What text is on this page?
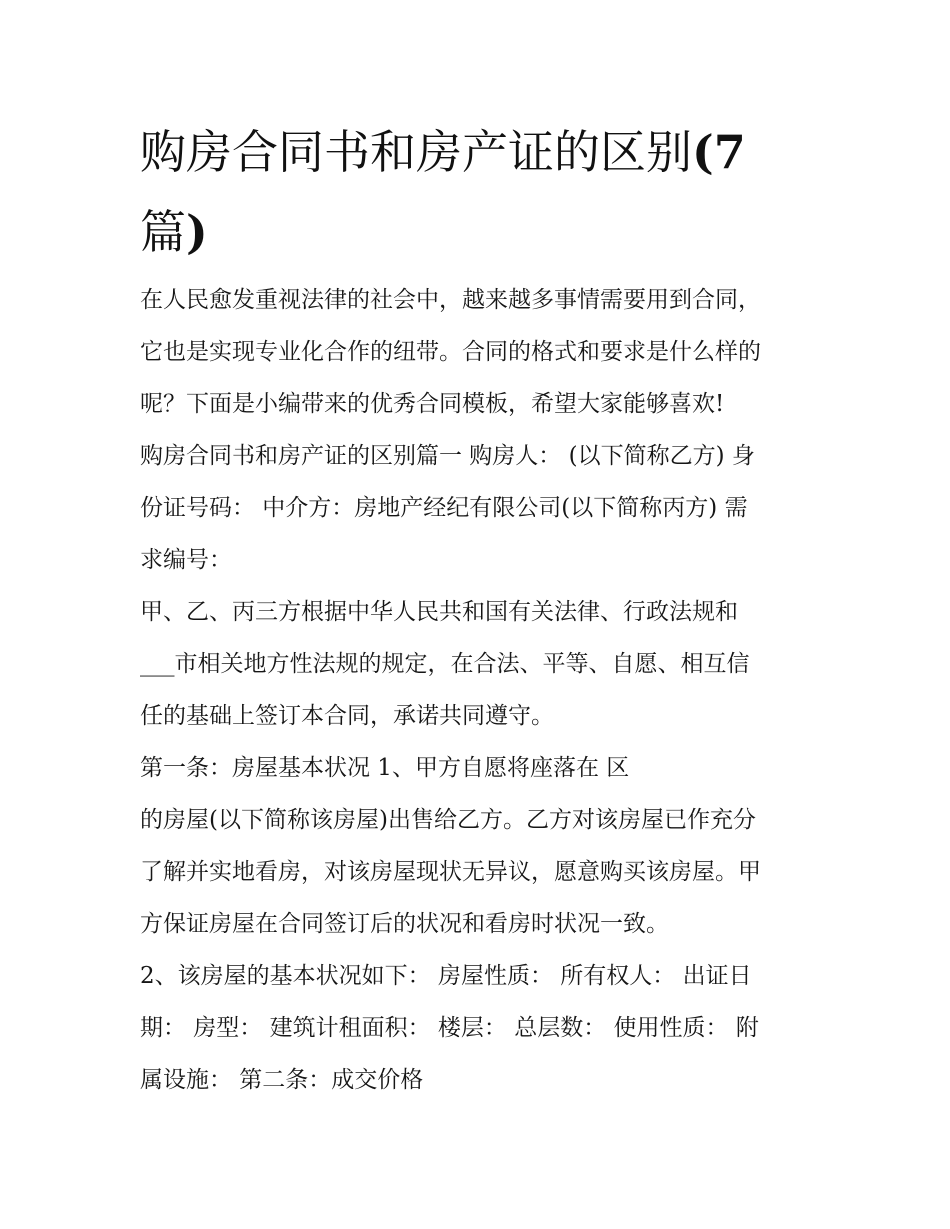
购房合同书和房产证的区别(7
篇)
在人民愈发重视法律的社会中，越来越多事情需要用到合同，
它也是实现专业化合作的纽带。合同的格式和要求是什么样的
呢？下面是小编带来的优秀合同模板，希望大家能够喜欢!
购房合同书和房产证的区别篇一 购房人： (以下简称乙方) 身
份证号码： 中介方：房地产经纪有限公司(以下简称丙方) 需
求编号：
甲、乙、丙三方根据中华人民共和国有关法律、行政法规和
___市相关地方性法规的规定，在合法、平等、自愿、相互信
任的基础上签订本合同，承诺共同遵守。
第一条：房屋基本状况 1、甲方自愿将座落在 区
的房屋(以下简称该房屋)出售给乙方。乙方对该房屋已作充分
了解并实地看房，对该房屋现状无异议，愿意购买该房屋。甲
方保证房屋在合同签订后的状况和看房时状况一致。
2、该房屋的基本状况如下： 房屋性质： 所有权人： 出证日
期： 房型： 建筑计租面积： 楼层： 总层数： 使用性质： 附
属设施： 第二条：成交价格
